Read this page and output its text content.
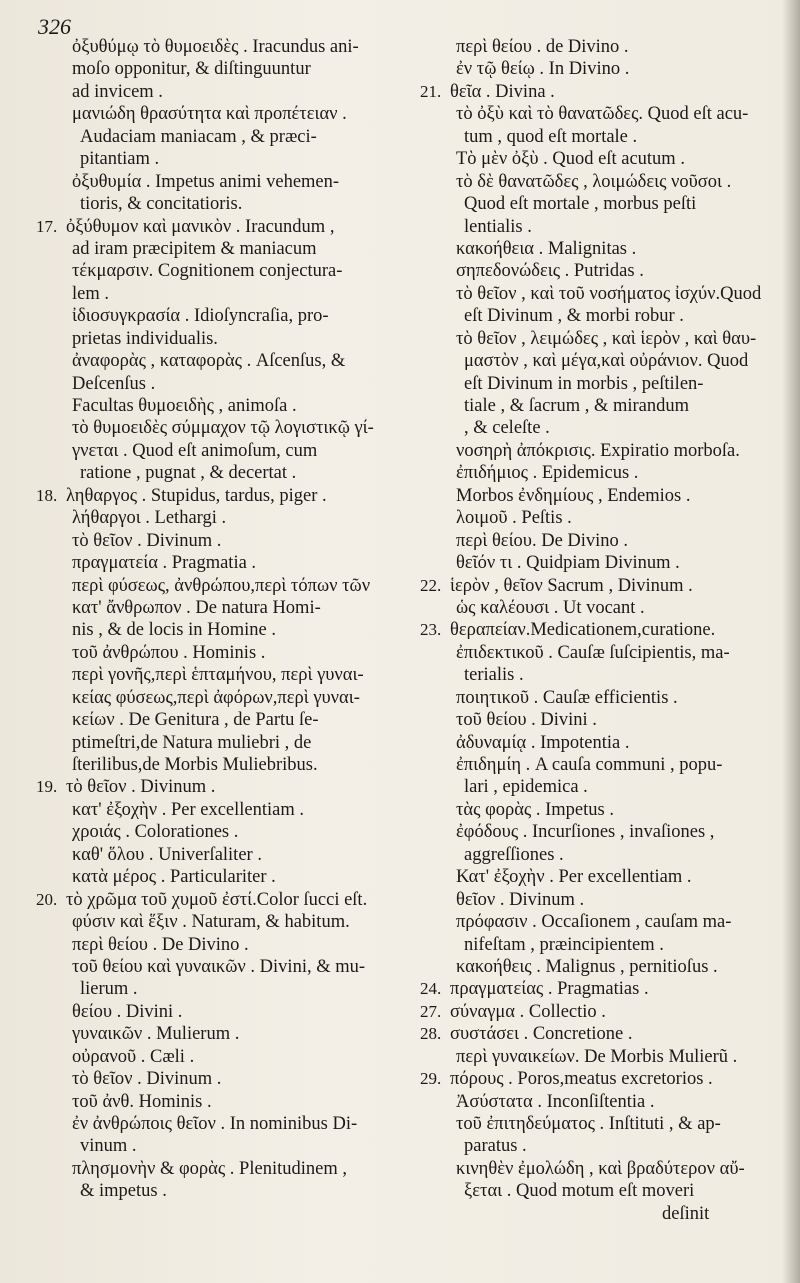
326
ὀξυθύμῳ τὸ θυμοειδὲς . Iracundus ani-
moſo opponitur, & diſtinguuntur
ad invicem .
μανιώδη θρασύτητα καὶ προπέτειαν .
Audaciam maniacam , & præci-
pitantiam .
ὀξυθυμία . Impetus animi vehemen-
tioris, & concitatioris.
17. ὀξύθυμον καὶ μανικὸν . Iracundum ,
ad iram præcipitem & maniacum
τέκμαρσιν. Cognitionem conjectura-
lem .
ἰδιοσυγκρασία . Idioſyncraſia, pro-
prietas individualis.
ἀναφορὰς , καταφορὰς . Aſcenſus, &
Deſcenſus .
Facultas θυμοειδὴς , animoſa .
τὸ θυμοειδὲς σύμμαχον τῷ λογιστικῷ γί-
γνεται . Quod eſt animoſum, cum
ratione , pugnat , & decertat .
18. ληθαργος . Stupidus, tardus, piger .
λήθαργοι . Lethargi .
τὸ θεῖον . Divinum .
πραγματεία . Pragmatia .
περὶ φύσεως, ἀνθρώπου,περὶ τόπων τῶν
κατ' ἄνθρωπον . De natura Homi-
nis , & de locis in Homine .
τοῦ ἀνθρώπου . Hominis .
περὶ γονῆς,περὶ ἑπταμήνου, περὶ γυναι-
κείας φύσεως,περὶ ἀφόρων,περὶ γυναι-
κείων . De Genitura , de Partu ſe-
ptimeſtri,de Natura muliebri , de
ſterilibus,de Morbis Muliebribus.
19. τὸ θεῖον . Divinum .
κατ' ἐξοχὴν . Per excellentiam .
χροιάς . Colorationes .
καθ' ὅλου . Univerſaliter .
κατὰ μέρος . Particulariter .
20. τὸ χρῶμα τοῦ χυμοῦ ἐστί.Color ſucci eſt.
φύσιν καὶ ἕξιν . Naturam, & habitum.
περὶ θείου . De Divino .
τοῦ θείου καὶ γυναικῶν . Divini, & mu-
lierum .
θείου . Divini .
γυναικῶν . Mulierum .
οὐρανοῦ . Cæli .
τὸ θεῖον . Divinum .
τοῦ ἀνθ. Hominis .
ἐν ἀνθρώποις θεῖον . In nominibus Di-
vinum .
πλησμονὴν & φορὰς . Plenitudinem ,
& impetus .
περὶ θείου . de Divino .
ἐν τῷ θείῳ . In Divino .
21. θεῖα . Divina .
τὸ ὀξὺ καὶ τὸ θανατῶδες. Quod eſt acu-
tum , quod eſt mortale .
Τὸ μὲν ὀξὺ . Quod eſt acutum .
τὸ δὲ θανατῶδες , λοιμώδεις νοῦσοι .
Quod eſt mortale , morbus peſti
lentialis .
κακοήθεια . Malignitas .
σηπεδονώδεις . Putridas .
τὸ θεῖον , καὶ τοῦ νοσήματος ἰσχύν.Quod
eſt Divinum , & morbi robur .
τὸ θεῖον , λειμώδες , καὶ ἱερὸν , καὶ θαυ-
μαστὸν , καὶ μέγα,καὶ οὐράνιον. Quod
eſt Divinum in morbis , peſtilen-
tiale , & ſacrum , & mirandum
, & celeſte .
νοσηρὴ ἀπόκρισις. Expiratio morboſa.
ἐπιδήμιος . Epidemicus .
Morbos ἐνδημίους , Endemios .
λοιμοῦ . Peſtis .
περὶ θείου. De Divino .
θεῖόν τι . Quidpiam Divinum .
22. ἱερὸν , θεῖον Sacrum , Divinum .
ὡς καλέουσι . Ut vocant .
23. θεραπείαν.Medicationem,curatione.
ἐπιδεκτικοῦ . Cauſæ ſuſcipientis, ma-
terialis .
ποιητικοῦ . Cauſæ efficientis .
τοῦ θείου . Divini .
ἀδυναμίᾳ . Impotentia .
ἐπιδημίη . A cauſa communi , popu-
lari , epidemica .
τὰς φορὰς . Impetus .
ἐφόδους . Incurſiones , invaſiones ,
aggreſſiones .
Κατ' ἐξοχὴν . Per excellentiam .
θεῖον . Divinum .
πρόφασιν . Occaſionem , cauſam ma-
nifeſtam , præincipientem .
κακοήθεις . Malignus , pernitioſus .
24. πραγματείας . Pragmatias .
27. σύναγμα . Collectio .
28. συστάσει . Concretione .
περὶ γυναικείων. De Morbis Mulierũ .
29. πόρους . Poros,meatus excretorios .
Ἀσύστατα . Inconſiſtentia .
τοῦ ἐπιτηδεύματος . Inſtituti , & ap-
paratus .
κινηθὲν ἐμολώδη , καὶ βραδύτερον αὔ-
ξεται . Quod motum eſt moveri
deſinit
